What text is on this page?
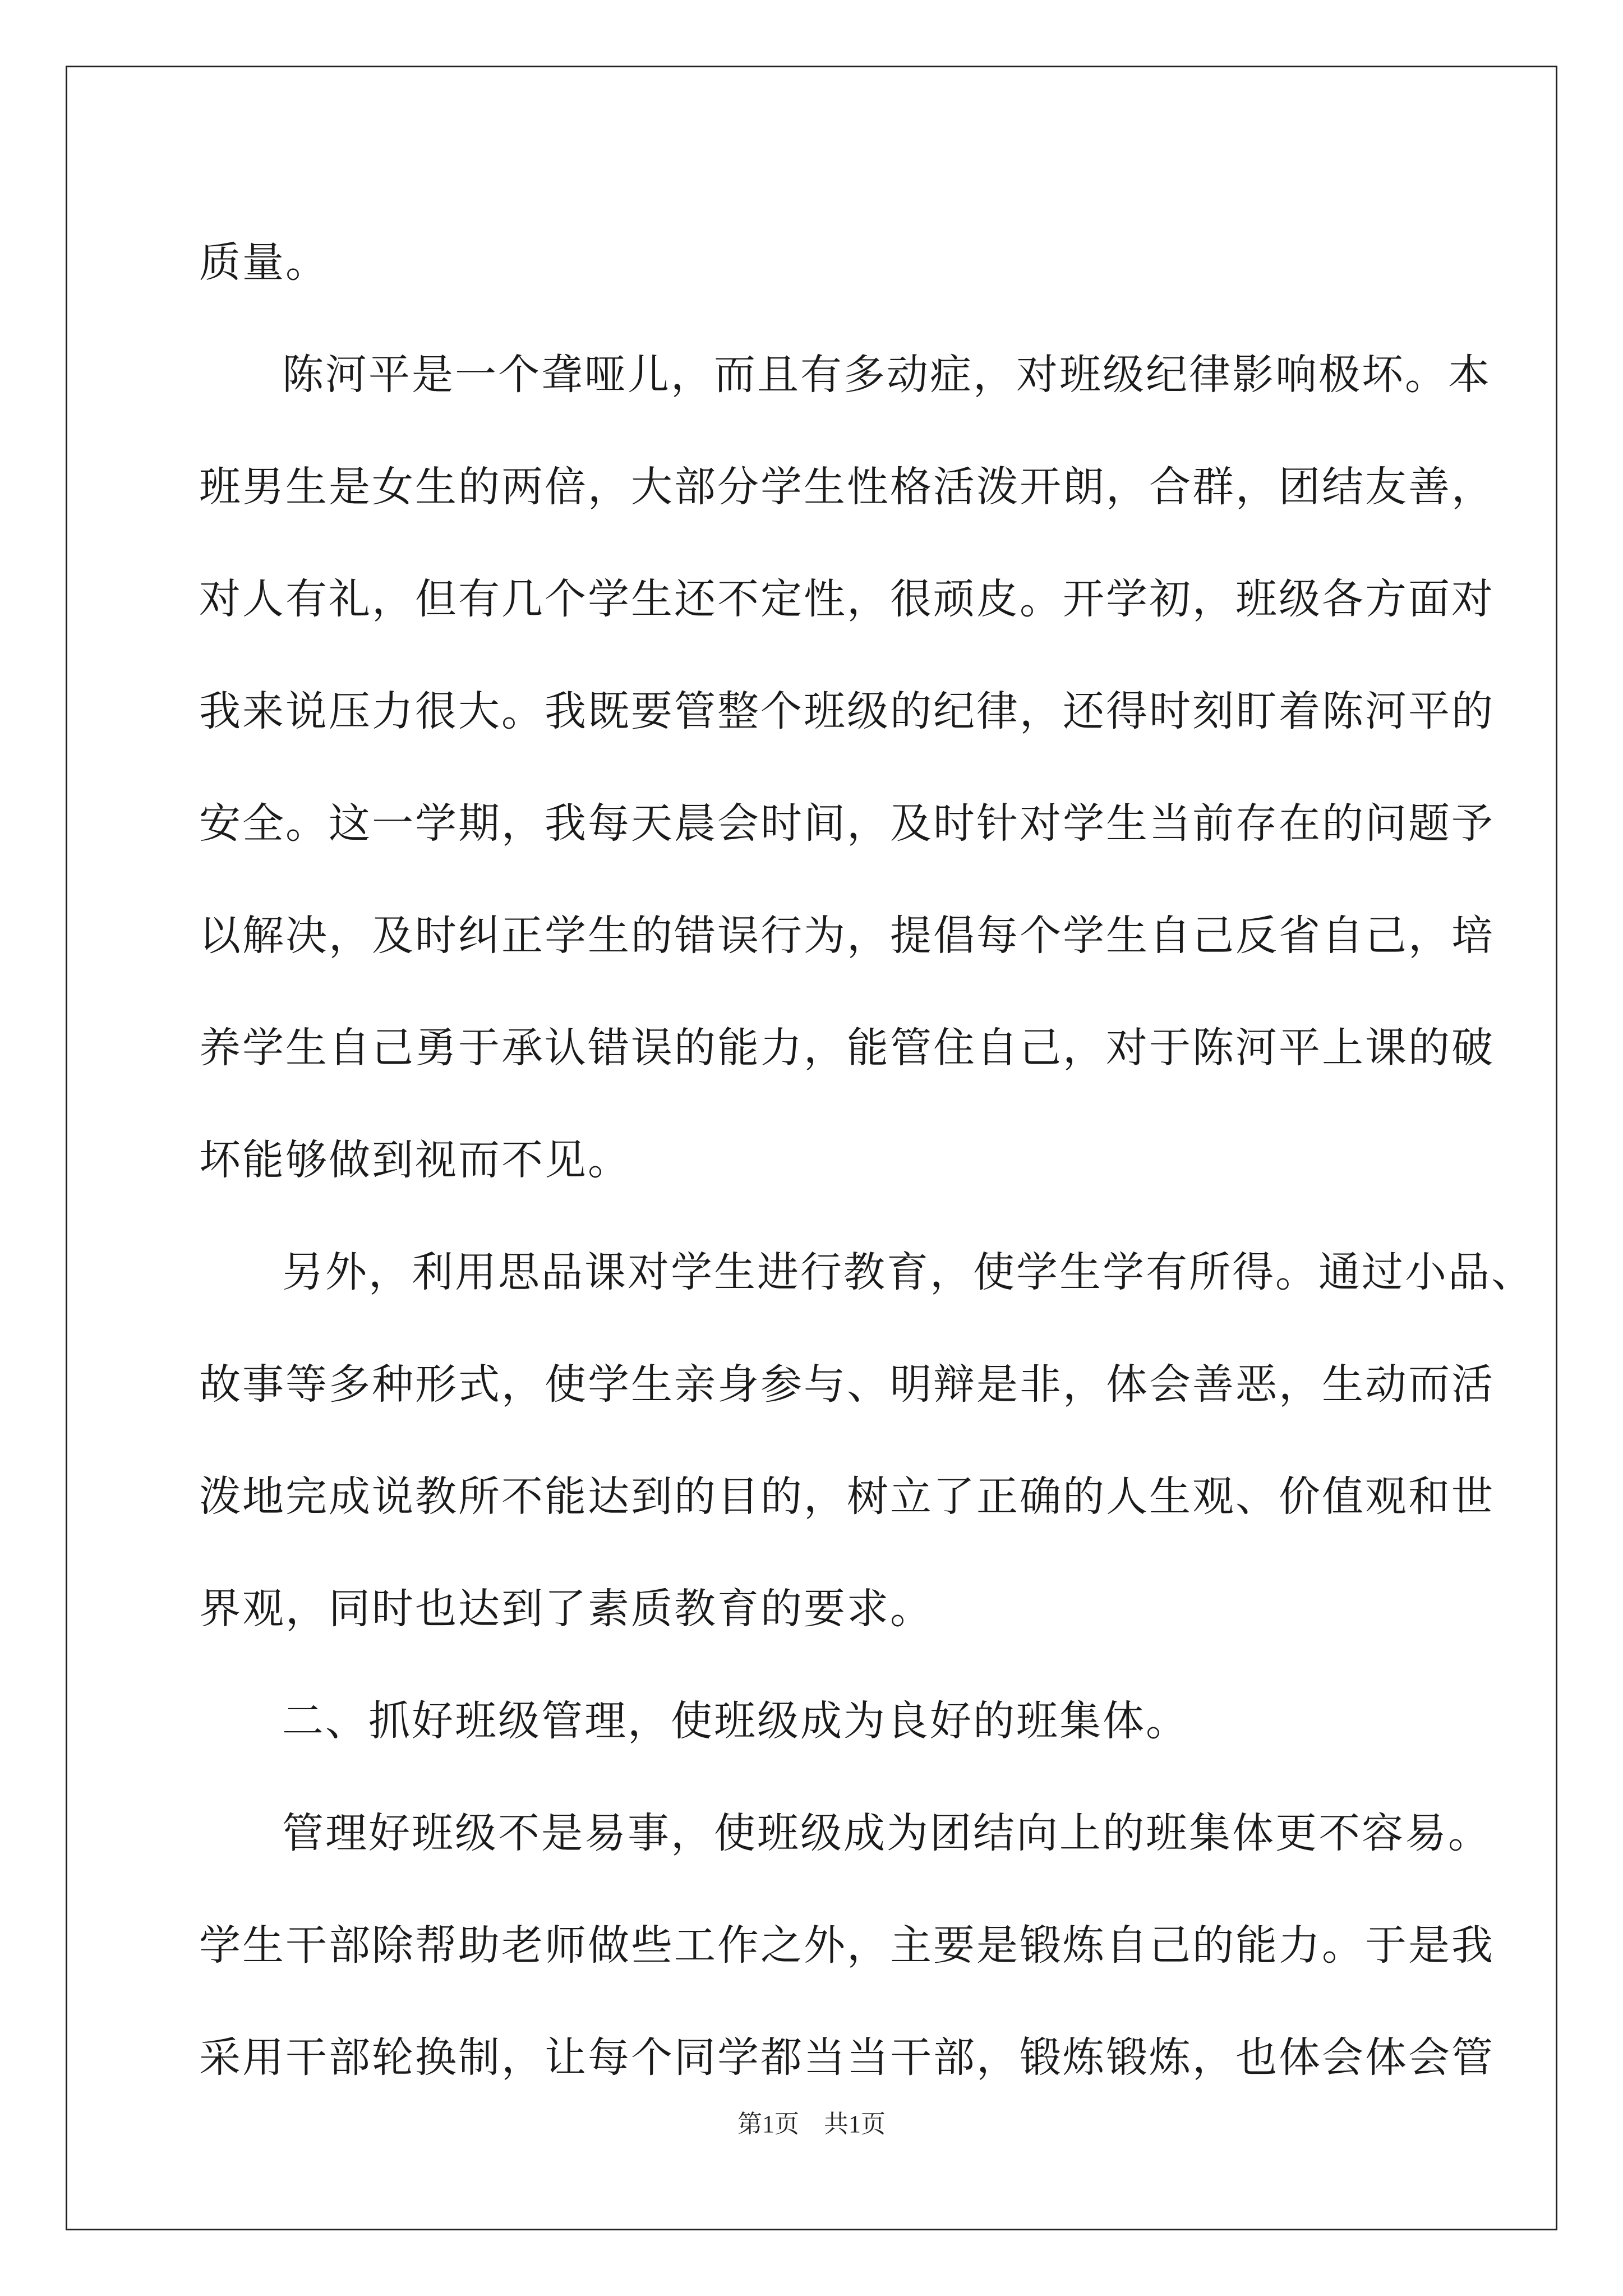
质量。
陈河平是一个聋哑儿，而且有多动症，对班级纪律影响极坏。本
班男生是女生的两倍，大部分学生性格活泼开朗，合群，团结友善，
对人有礼，但有几个学生还不定性，很顽皮。开学初，班级各方面对
我来说压力很大。我既要管整个班级的纪律，还得时刻盯着陈河平的
安全。这一学期，我每天晨会时间，及时针对学生当前存在的问题予
以解决，及时纠正学生的错误行为，提倡每个学生自己反省自己，培
养学生自己勇于承认错误的能力，能管住自己，对于陈河平上课的破
坏能够做到视而不见。
另外，利用思品课对学生进行教育，使学生学有所得。通过小品、
故事等多种形式，使学生亲身参与、明辩是非，体会善恶，生动而活
泼地完成说教所不能达到的目的，树立了正确的人生观、价值观和世
界观，同时也达到了素质教育的要求。
二、抓好班级管理，使班级成为良好的班集体。
管理好班级不是易事，使班级成为团结向上的班集体更不容易。
学生干部除帮助老师做些工作之外，主要是锻炼自己的能力。于是我
采用干部轮换制，让每个同学都当当干部，锻炼锻炼，也体会体会管
第1页 共1页
